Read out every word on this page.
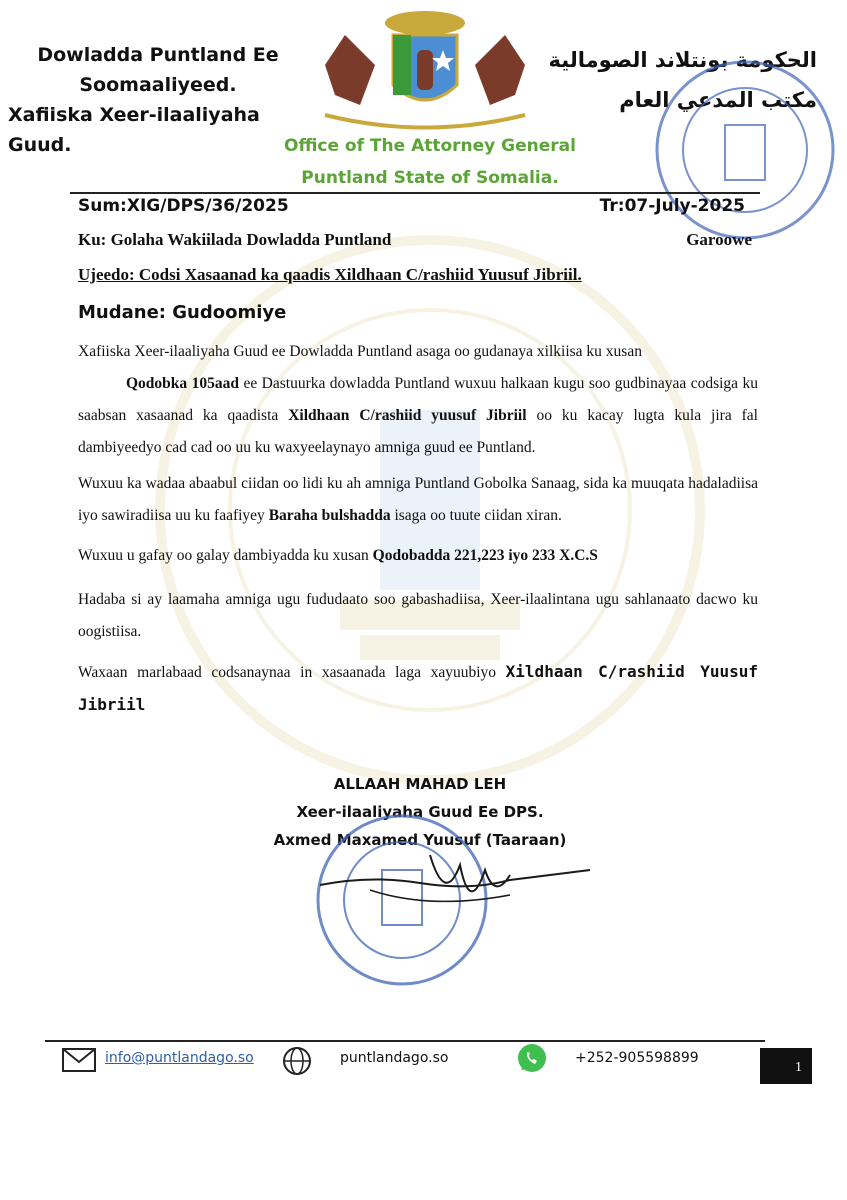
Dowladda Puntland Ee
Soomaaliyeed.
Xafiiska Xeer-ilaaliyaha Guud.
الحكومة بونتلاند الصومالية
مكتب المدعي العام
Office of The Attorney General
Puntland State of Somalia.
Sum:XIG/DPS/36/2025	Tr:07-July-2025
Ku: Golaha Wakiilada Dowladda Puntland	Garoowe
Ujeedo: Codsi Xasaanad ka qaadis Xildhaan C/rashiid Yuusuf Jibriil.
Mudane: Gudoomiye
Xafiiska Xeer-ilaaliyaha Guud ee Dowladda Puntland asaga oo gudanaya xilkiisa ku xusan
Qodobka 105aad ee Dastuurka dowladda Puntland wuxuu halkaan kugu soo gudbinayaa codsiga ku saabsan xasaanad ka qaadista Xildhaan C/rashiid yuusuf Jibriil oo ku kacay lugta kula jira fal dambiyeedyo cad cad oo uu ku waxyeelaynayo amniga guud ee Puntland.
Wuxuu ka wadaa abaabul ciidan oo lidi ku ah amniga Puntland Gobolka Sanaag, sida ka muuqata hadaladiisa iyo sawiradiisa uu ku faafiyey Baraha bulshadda isaga oo tuute ciidan xiran.
Wuxuu u gafay oo galay dambiyadda ku xusan Qodobadda 221,223 iyo 233 X.C.S
Hadaba si ay laamaha amniga ugu fududaato soo gabashadiisa, Xeer-ilaalintana ugu sahlanaato dacwo ku oogistiisa.
Waxaan marlabaad codsanaynaa in xasaanada laga xayuubiyo Xildhaan C/rashiid Yuusuf Jibriil
ALLAAH MAHAD LEH
Xeer-ilaaliyaha Guud Ee DPS.
Axmed Maxamed Yuusuf (Taaraan)
info@puntlandago.so	puntlandago.so	+252-905598899
1
